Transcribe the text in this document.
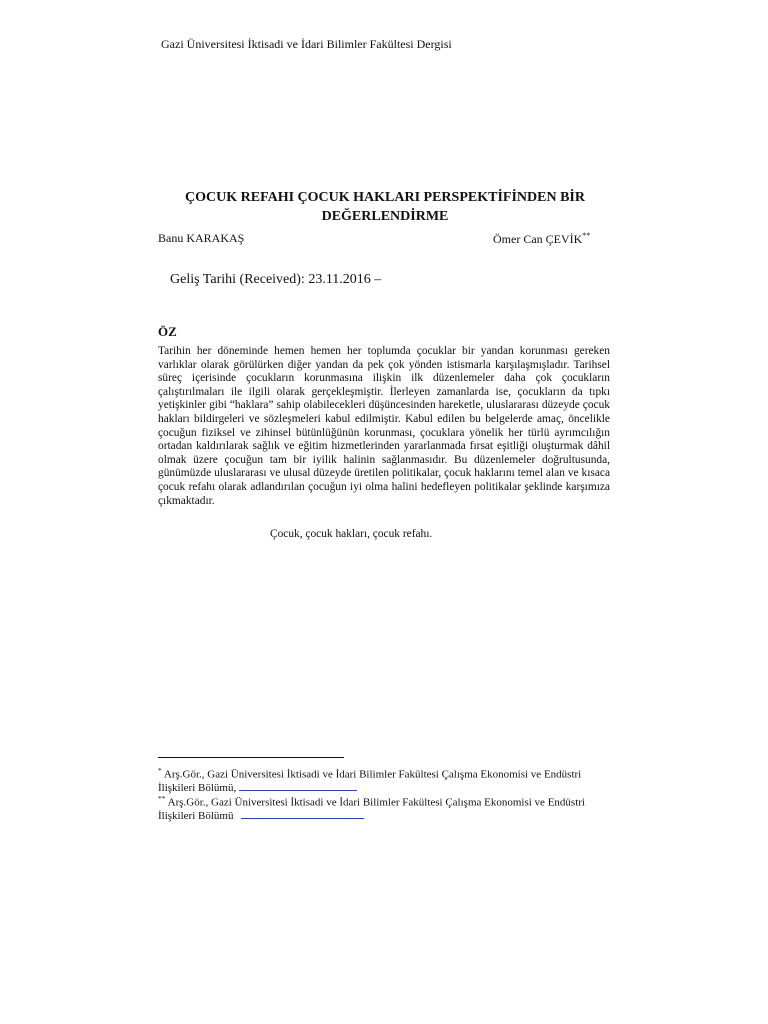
Gazi Üniversitesi İktisadi ve İdari Bilimler Fakültesi Dergisi
ÇOCUK REFAHI ÇOCUK HAKLARI PERSPEKTİFİNDEN BİR DEĞERLENDİRME
Banu KARAKAŞ	Ömer Can ÇEVİK**
Geliş Tarihi (Received): 23.11.2016 –
ÖZ
Tarihin her döneminde hemen hemen her toplumda çocuklar bir yandan korunması gereken varlıklar olarak görülürken diğer yandan da pek çok yönden istismarla karşılaşmışladır. Tarihsel süreç içerisinde çocukların korunmasına ilişkin ilk düzenlemeler daha çok çocukların çalıştırılmaları ile ilgili olarak gerçekleşmiştir. İlerleyen zamanlarda ise, çocukların da tıpkı yetişkinler gibi “haklara” sahip olabilecekleri düşüncesinden hareketle, uluslararası düzeyde çocuk hakları bildirgeleri ve sözleşmeleri kabul edilmiştir. Kabul edilen bu belgelerde amaç, öncelikle çocuğun fiziksel ve zihinsel bütünlüğünün korunması, çocuklara yönelik her türlü ayrımcılığın ortadan kaldırılarak sağlık ve eğitim hizmetlerinden yararlanmada fırsat eşitliği oluşturmak dâhil olmak üzere çocuğun tam bir iyilik halinin sağlanmasıdır. Bu düzenlemeler doğrultusunda, günümüzde uluslararası ve ulusal düzeyde üretilen politikalar, çocuk haklarını temel alan ve kısaca çocuk refahı olarak adlandırılan çocuğun iyi olma halini hedefleyen politikalar şeklinde karşımıza çıkmaktadır.
Çocuk, çocuk hakları, çocuk refahı.
* Arş.Gör., Gazi Üniversitesi İktisadi ve İdari Bilimler Fakültesi Çalışma Ekonomisi ve Endüstri İlişkileri Bölümü,
** Arş.Gör., Gazi Üniversitesi İktisadi ve İdari Bilimler Fakültesi Çalışma Ekonomisi ve Endüstri İlişkileri Bölümü
